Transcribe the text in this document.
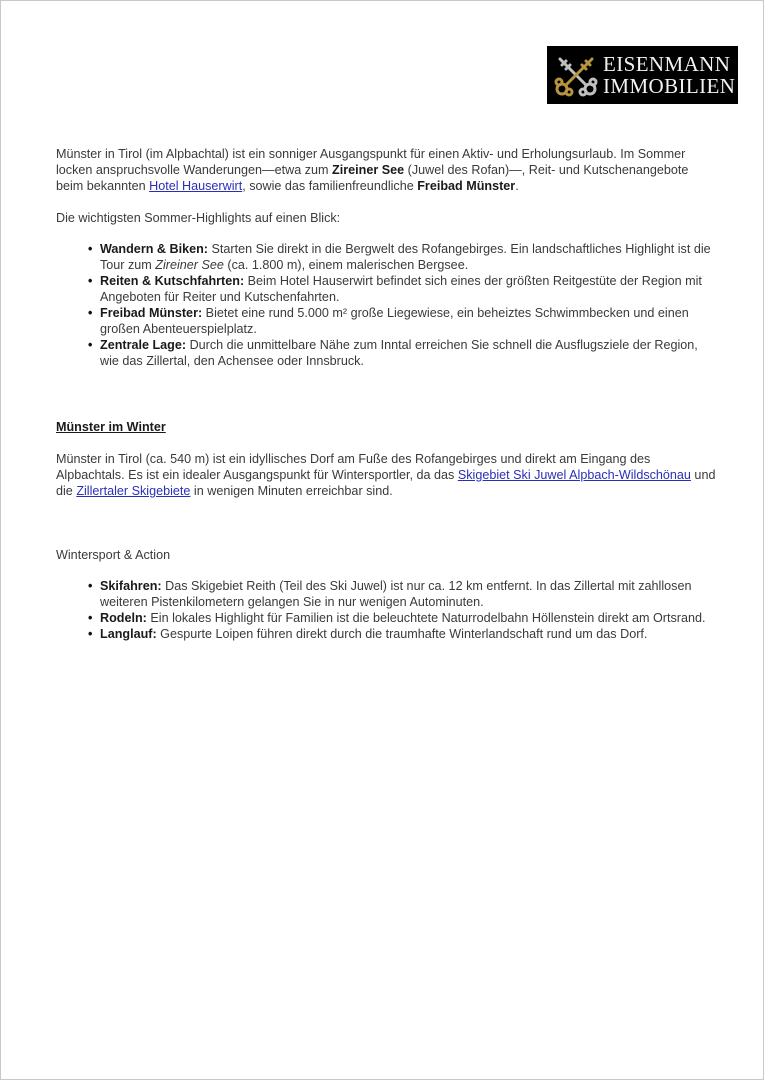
EISENMANN
IMMOBILIEN

Münster in Tirol (im Alpbachtal) ist ein sonniger Ausgangspunkt für einen Aktiv- und Erholungsurlaub. Im Sommer locken anspruchsvolle Wanderungen—etwa zum Zireiner See (Juwel des Rofan)—, Reit- und Kutschenangebote beim bekannten Hotel Hauserwirt, sowie das familienfreundliche Freibad Münster.

Die wichtigsten Sommer-Highlights auf einen Blick:

• Wandern & Biken: Starten Sie direkt in die Bergwelt des Rofangebirges. Ein landschaftliches Highlight ist die Tour zum Zireiner See (ca. 1.800 m), einem malerischen Bergsee.
• Reiten & Kutschfahrten: Beim Hotel Hauserwirt befindet sich eines der größten Reitgestüte der Region mit Angeboten für Reiter und Kutschenfahrten.
• Freibad Münster: Bietet eine rund 5.000 m² große Liegewiese, ein beheiztes Schwimmbecken und einen großen Abenteuerspielplatz.
• Zentrale Lage: Durch die unmittelbare Nähe zum Inntal erreichen Sie schnell die Ausflugsziele der Region, wie das Zillertal, den Achensee oder Innsbruck.

Münster im Winter

Münster in Tirol (ca. 540 m) ist ein idyllisches Dorf am Fuße des Rofangebirges und direkt am Eingang des Alpbachtals. Es ist ein idealer Ausgangspunkt für Wintersportler, da das Skigebiet Ski Juwel Alpbach-Wildschönau und die Zillertaler Skigebiete in wenigen Minuten erreichbar sind.

Wintersport & Action

• Skifahren: Das Skigebiet Reith (Teil des Ski Juwel) ist nur ca. 12 km entfernt. In das Zillertal mit zahllosen weiteren Pistenkilometern gelangen Sie in nur wenigen Autominuten.
• Rodeln: Ein lokales Highlight für Familien ist die beleuchtete Naturrodelbahn Höllenstein direkt am Ortsrand.
• Langlauf: Gespurte Loipen führen direkt durch die traumhafte Winterlandschaft rund um das Dorf.
